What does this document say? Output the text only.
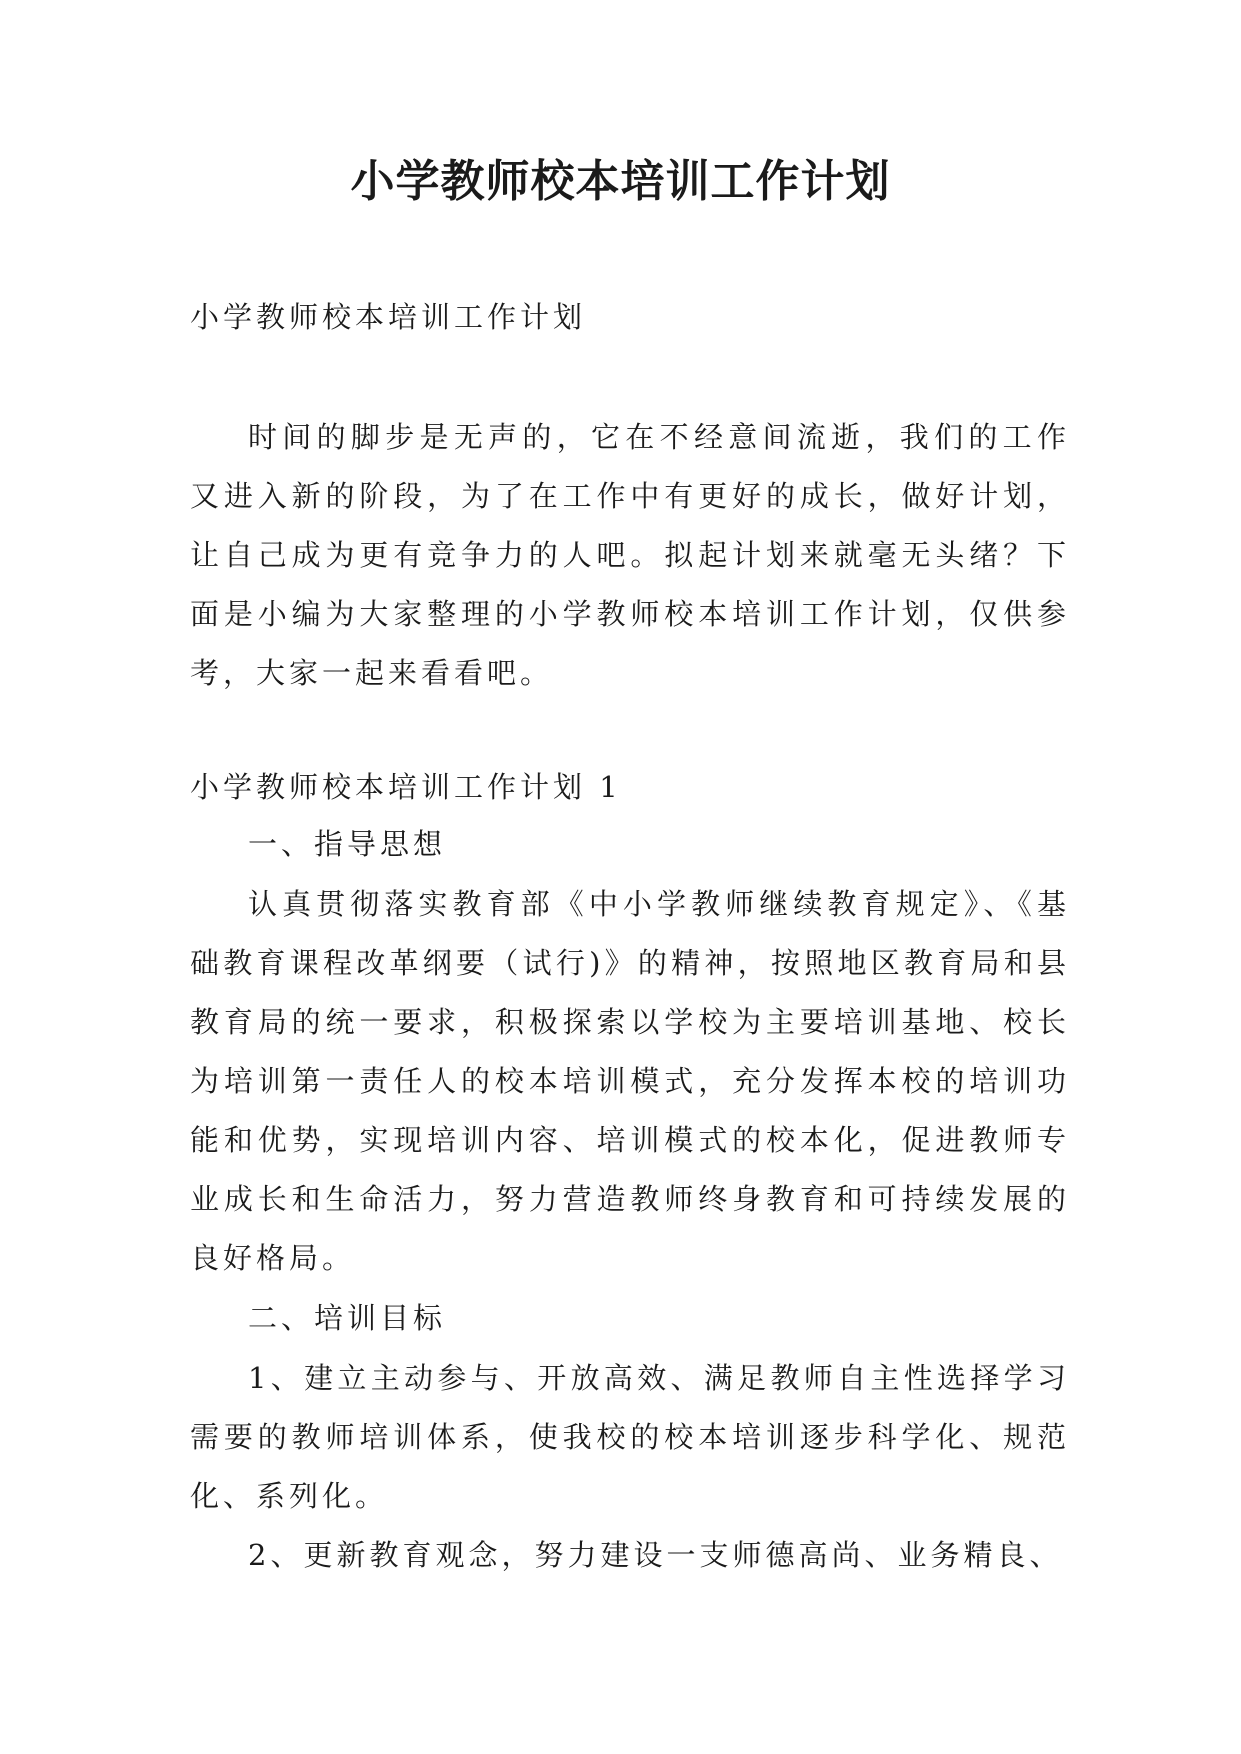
小学教师校本培训工作计划
小学教师校本培训工作计划
时间的脚步是无声的，它在不经意间流逝，我们的工作又进入新的阶段，为了在工作中有更好的成长，做好计划，让自己成为更有竞争力的人吧。拟起计划来就毫无头绪？下面是小编为大家整理的小学教师校本培训工作计划，仅供参考，大家一起来看看吧。
小学教师校本培训工作计划 1
一、指导思想
认真贯彻落实教育部《中小学教师继续教育规定》、《基础教育课程改革纲要（试行)》的精神，按照地区教育局和县教育局的统一要求，积极探索以学校为主要培训基地、校长为培训第一责任人的校本培训模式，充分发挥本校的培训功能和优势，实现培训内容、培训模式的校本化，促进教师专业成长和生命活力，努力营造教师终身教育和可持续发展的良好格局。
二、培训目标
1、建立主动参与、开放高效、满足教师自主性选择学习需要的教师培训体系，使我校的校本培训逐步科学化、规范化、系列化。
2、更新教育观念，努力建设一支师德高尚、业务精良、
